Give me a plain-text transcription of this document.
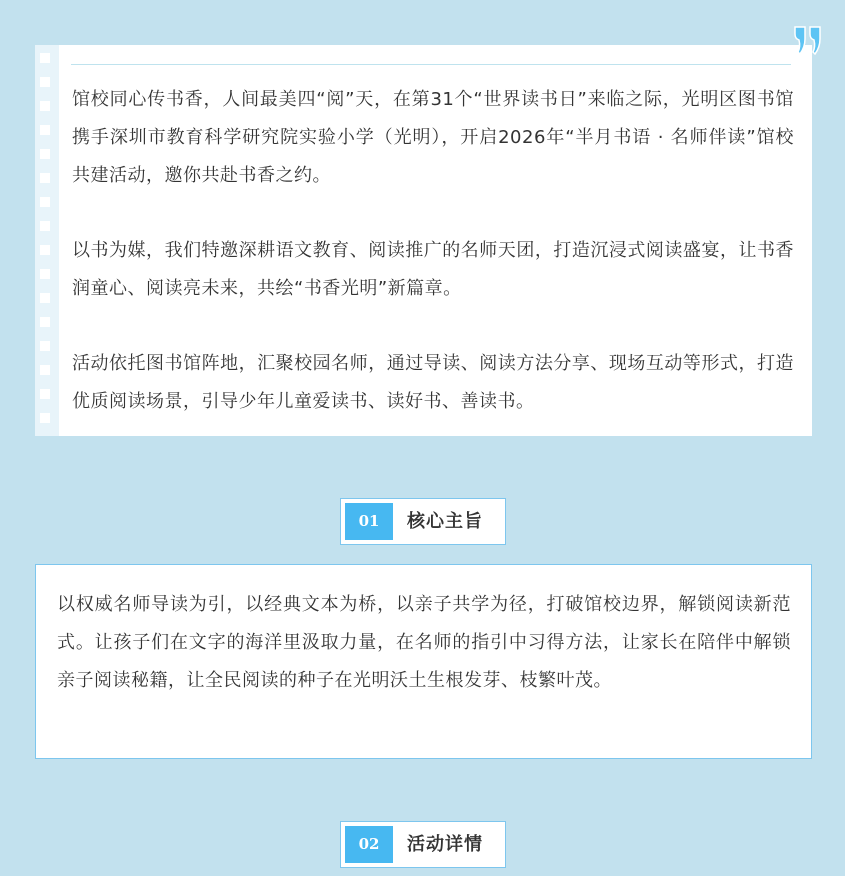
馆校同心传书香，人间最美四“阅”天，在第31个“世界读书日”来临之际，光明区图书馆携手深圳市教育科学研究院实验小学（光明），开启2026年“半月书语 · 名师伴读”馆校共建活动，邀你共赴书香之约。

以书为媒，我们特邀深耕语文教育、阅读推广的名师天团，打造沉浸式阅读盛宴，让书香润童心、阅读亮未来，共绘“书香光明”新篇章。

活动依托图书馆阵地，汇聚校园名师，通过导读、阅读方法分享、现场互动等形式，打造优质阅读场景，引导少年儿童爱读书、读好书、善读书。

01	核心主旨
以权威名师导读为引，以经典文本为桥，以亲子共学为径，打破馆校边界，解锁阅读新范式。让孩子们在文字的海洋里汲取力量，在名师的指引中习得方法，让家长在陪伴中解锁亲子阅读秘籍，让全民阅读的种子在光明沃土生根发芽、枝繁叶茂。
02	活动详情
